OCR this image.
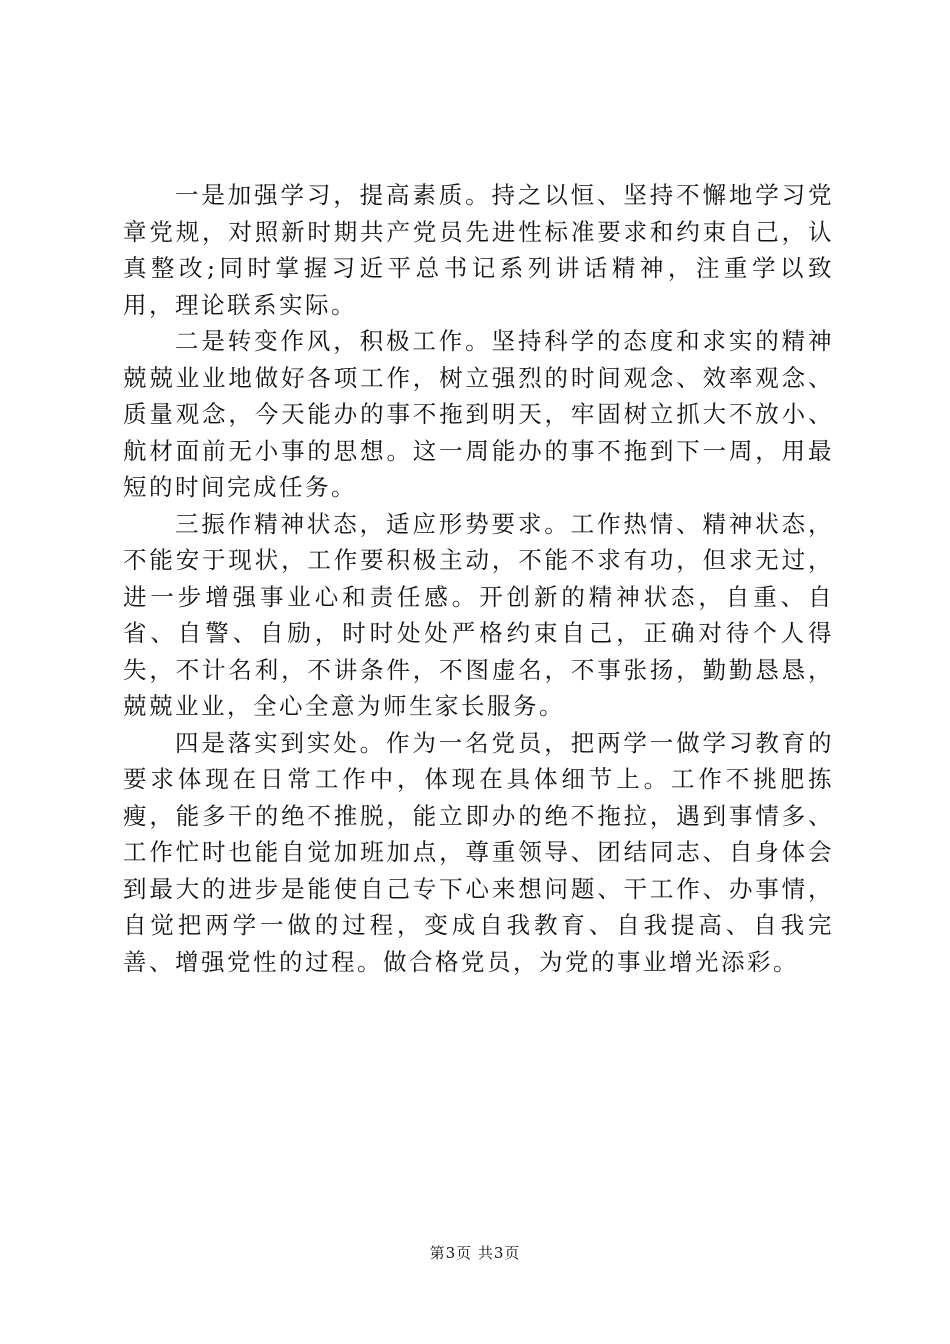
一是加强学习，提高素质。持之以恒、坚持不懈地学习党章党规，对照新时期共产党员先进性标准要求和约束自己，认真整改;同时掌握习近平总书记系列讲话精神，注重学以致用，理论联系实际。

二是转变作风，积极工作。坚持科学的态度和求实的精神兢兢业业地做好各项工作，树立强烈的时间观念、效率观念、质量观念，今天能办的事不拖到明天，牢固树立抓大不放小、航材面前无小事的思想。这一周能办的事不拖到下一周，用最短的时间完成任务。

三振作精神状态，适应形势要求。工作热情、精神状态，不能安于现状，工作要积极主动，不能不求有功，但求无过，进一步增强事业心和责任感。开创新的精神状态，自重、自省、自警、自励，时时处处严格约束自己，正确对待个人得失，不计名利，不讲条件，不图虚名，不事张扬，勤勤恳恳，兢兢业业，全心全意为师生家长服务。

四是落实到实处。作为一名党员，把两学一做学习教育的要求体现在日常工作中，体现在具体细节上。工作不挑肥拣瘦，能多干的绝不推脱，能立即办的绝不拖拉，遇到事情多、工作忙时也能自觉加班加点，尊重领导、团结同志、自身体会到最大的进步是能使自己专下心来想问题、干工作、办事情，自觉把两学一做的过程，变成自我教育、自我提高、自我完善、增强党性的过程。做合格党员，为党的事业增光添彩。

第3页 共3页
